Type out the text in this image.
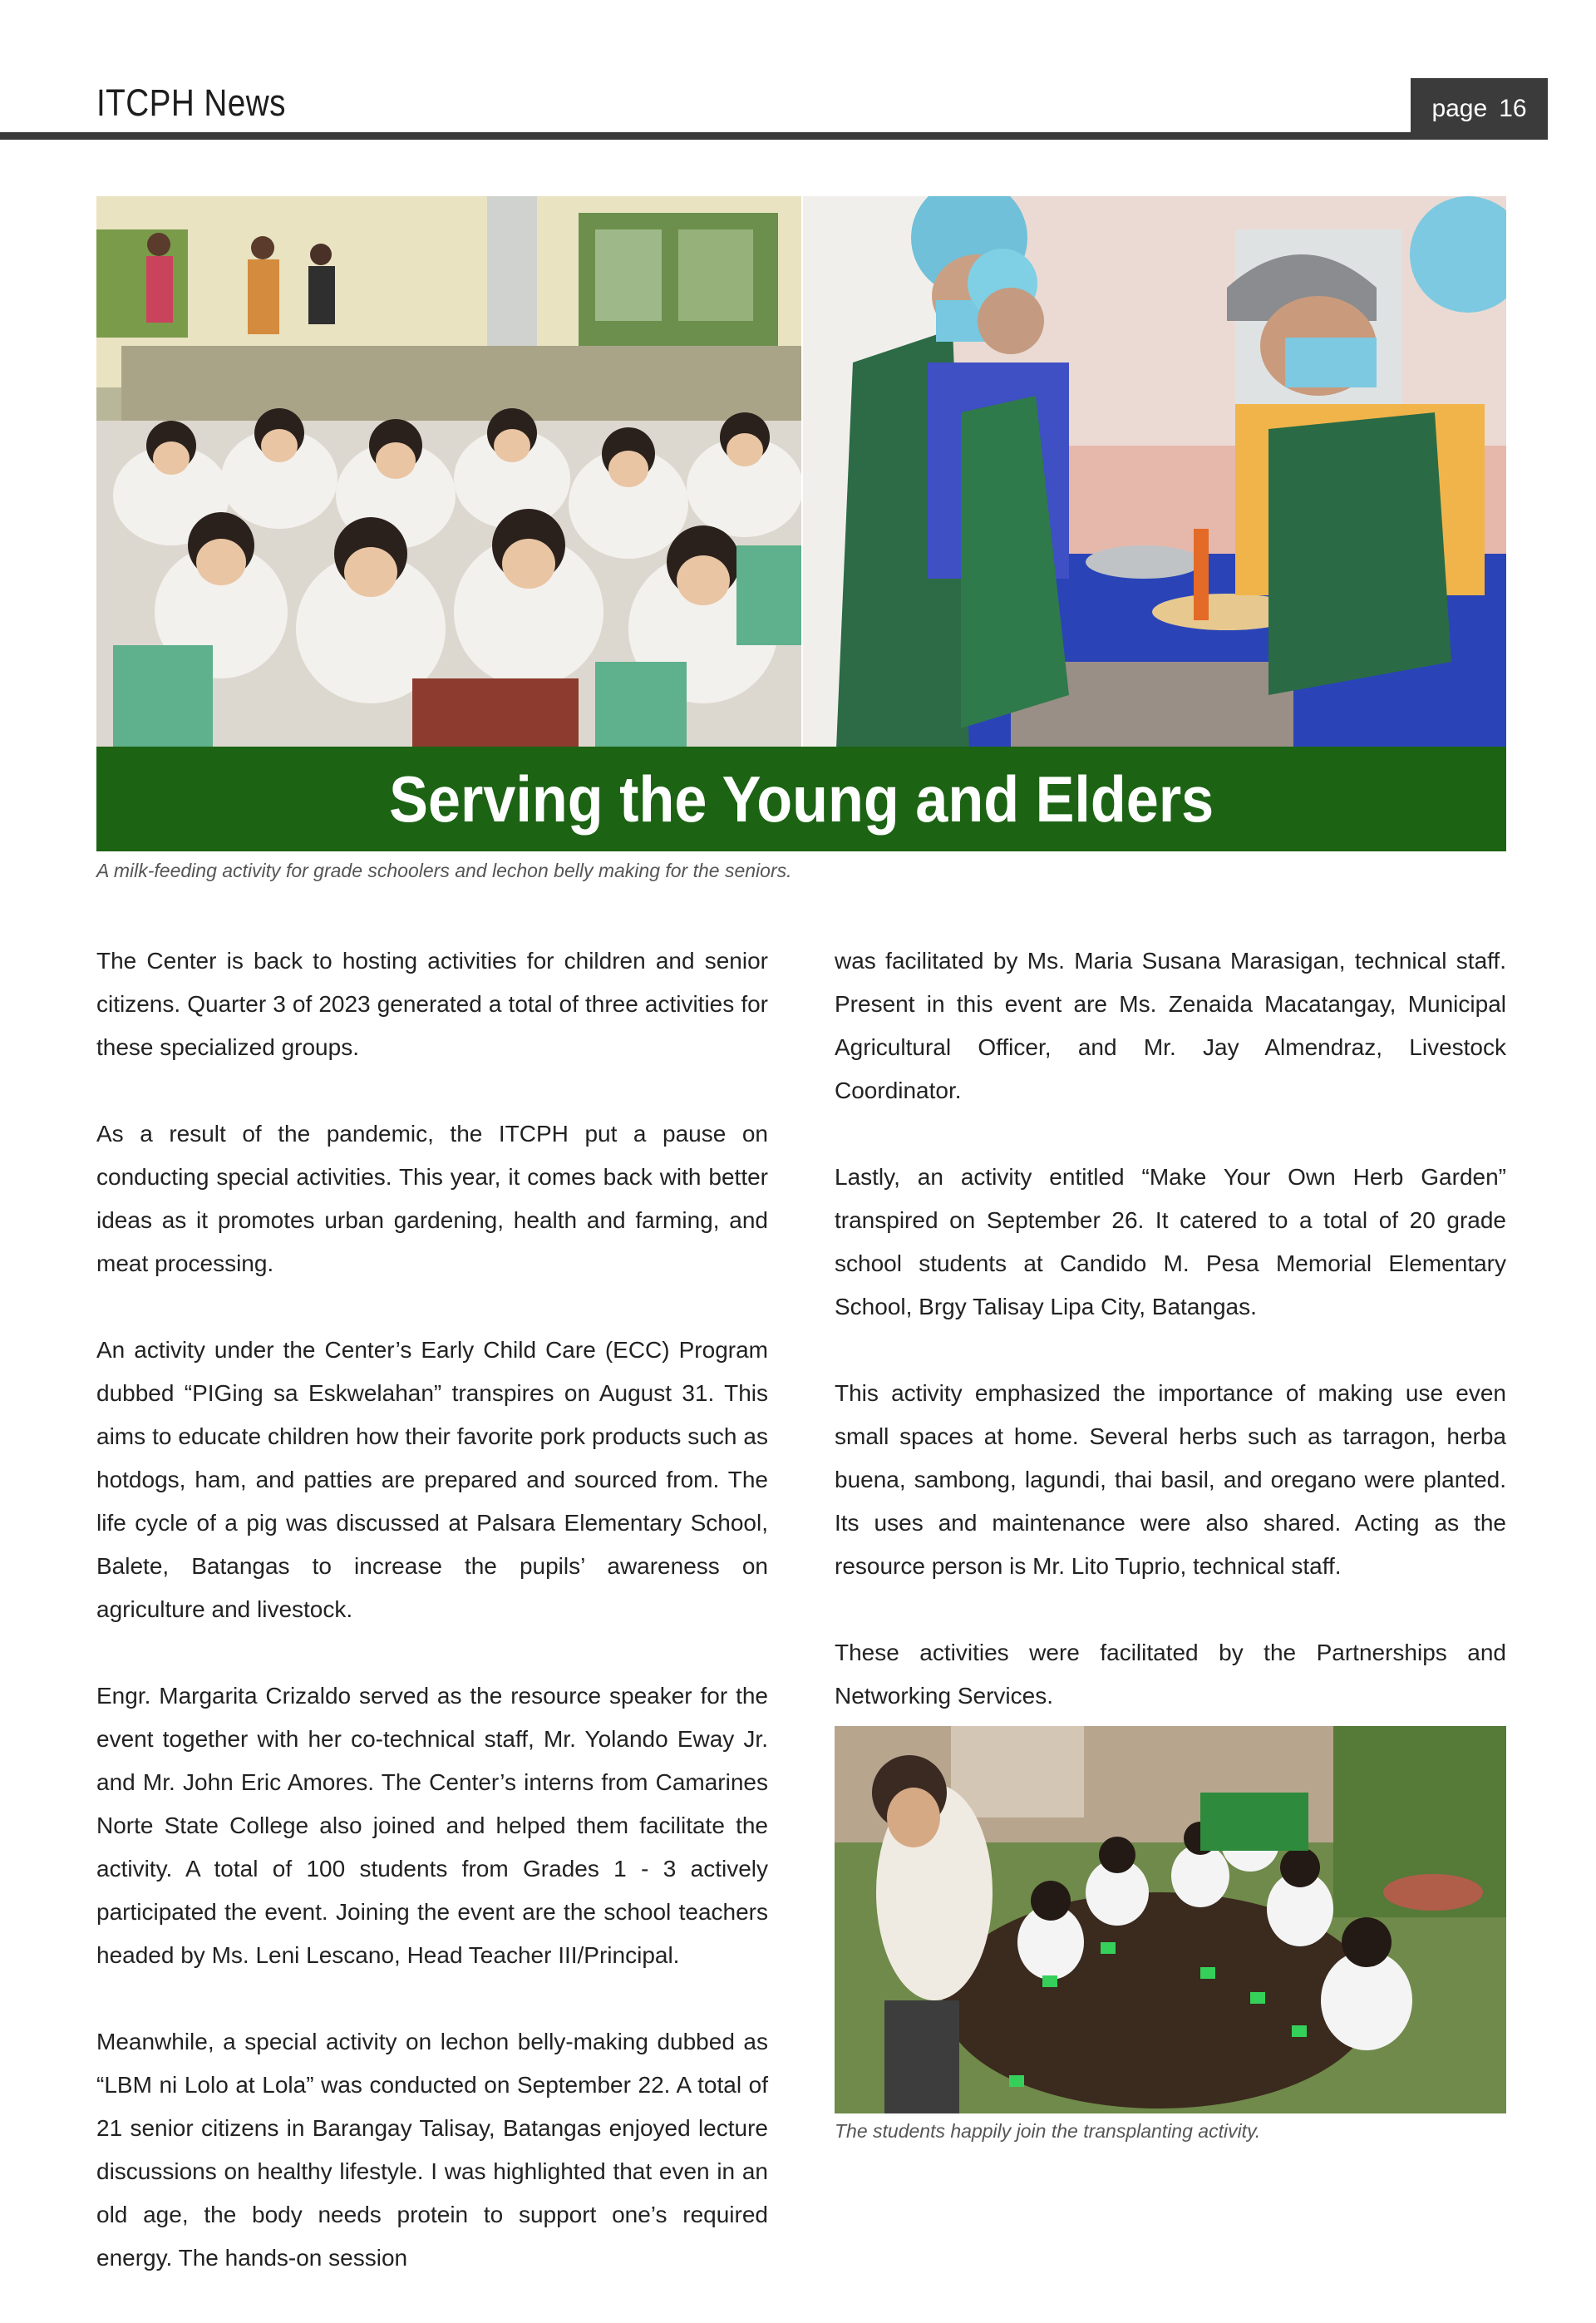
ITCPH News	page 16
Serving the Young and Elders
A milk-feeding activity for grade schoolers and lechon belly making for the seniors.

The Center is back to hosting activities for children and senior citizens. Quarter 3 of 2023 generated a total of three activities for these specialized groups.

As a result of the pandemic, the ITCPH put a pause on conducting special activities. This year, it comes back with better ideas as it promotes urban gardening, health and farming, and meat processing.

An activity under the Center’s Early Child Care (ECC) Program dubbed “PIGing sa Eskwelahan” transpires on August 31. This aims to educate children how their favorite pork products such as hotdogs, ham, and patties are prepared and sourced from. The life cycle of a pig was discussed at Palsara Elementary School, Balete, Batangas to increase the pupils’ awareness on agriculture and livestock.

Engr. Margarita Crizaldo served as the resource speaker for the event together with her co-technical staff, Mr. Yolando Eway Jr. and Mr. John Eric Amores. The Center’s interns from Camarines Norte State College also joined and helped them facilitate the activity. A total of 100 students from Grades 1 - 3 actively participated the event. Joining the event are the school teachers headed by Ms. Leni Lescano, Head Teacher III/Principal.

Meanwhile, a special activity on lechon belly-making dubbed as “LBM ni Lolo at Lola” was conducted on September 22. A total of 21 senior citizens in Barangay Talisay, Batangas enjoyed lecture discussions on healthy lifestyle. I was highlighted that even in an old age, the body needs protein to support one’s required energy. The hands-on session

was facilitated by Ms. Maria Susana Marasigan, technical staff. Present in this event are Ms. Zenaida Macatangay, Municipal Agricultural Officer, and Mr. Jay Almendraz, Livestock Coordinator.

Lastly, an activity entitled “Make Your Own Herb Garden” transpired on September 26. It catered to a total of 20 grade school students at Candido M. Pesa Memorial Elementary School, Brgy Talisay Lipa City, Batangas.

This activity emphasized the importance of making use even small spaces at home. Several herbs such as tarragon, herba buena, sambong, lagundi, thai basil, and oregano were planted. Its uses and maintenance were also shared. Acting as the resource person is Mr. Lito Tuprio, technical staff.

These activities were facilitated by the Partnerships and Networking Services.

The students happily join the transplanting activity.
